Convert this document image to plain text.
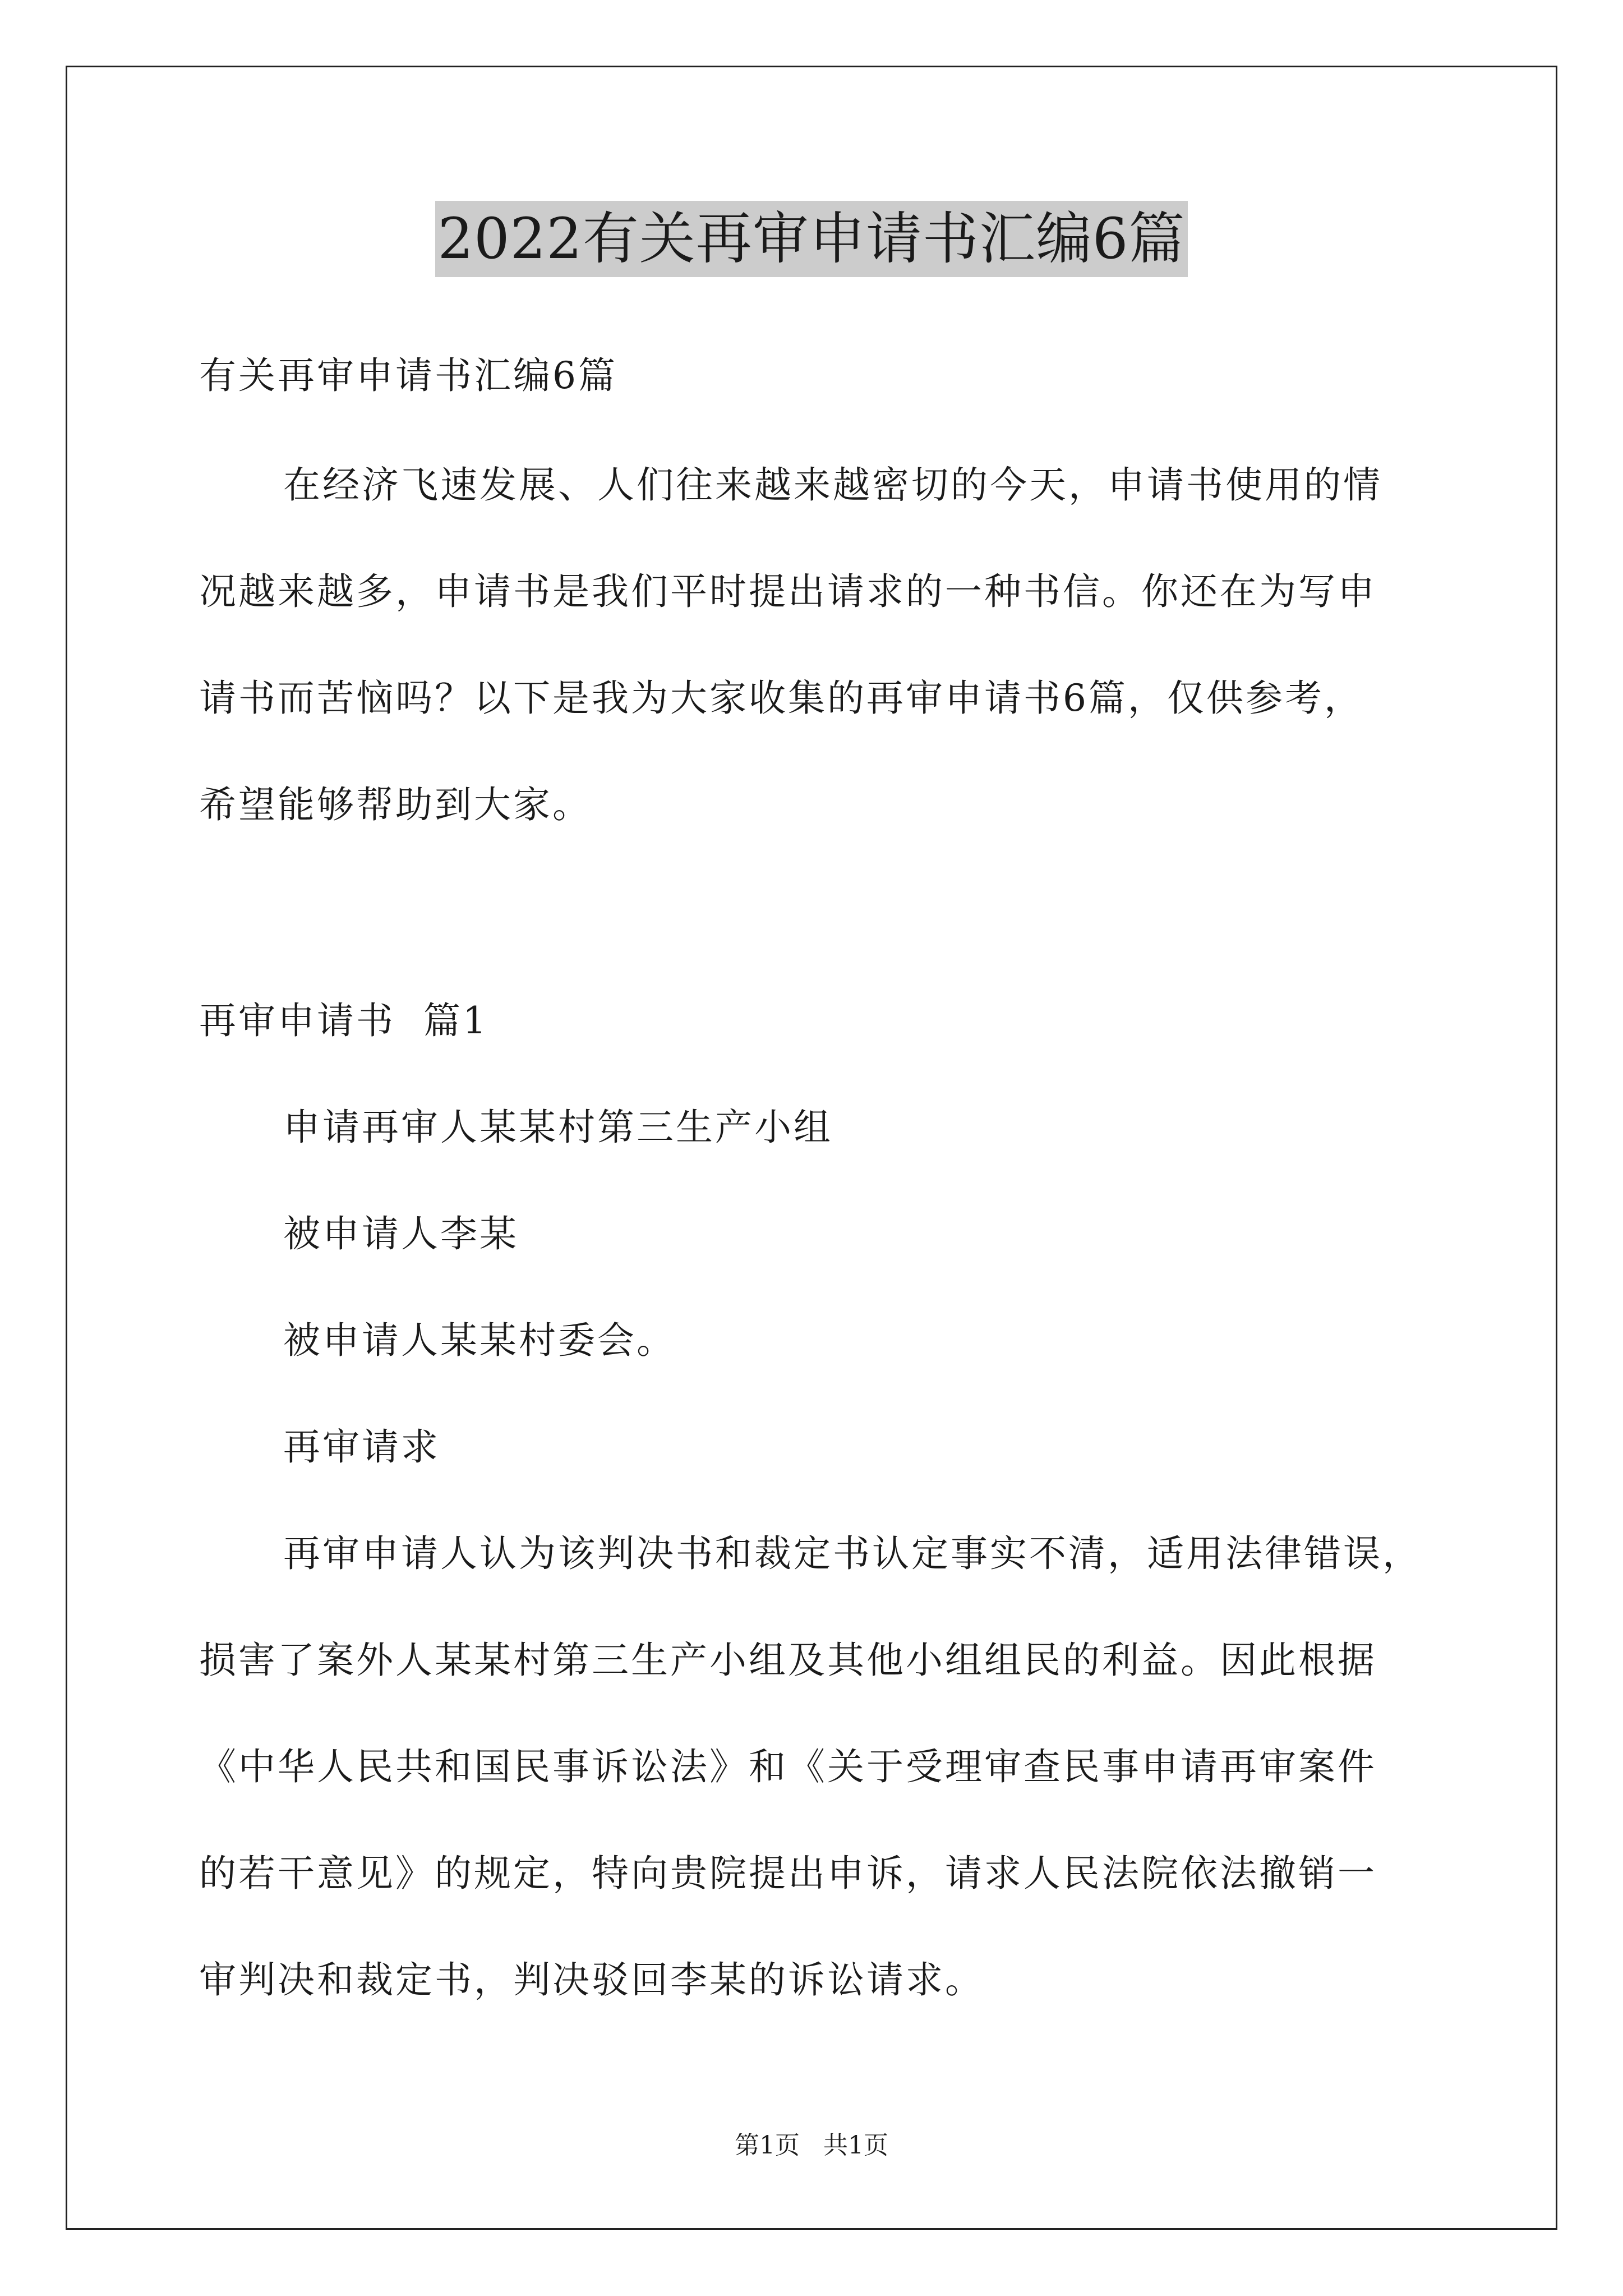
2022有关再审申请书汇编6篇
有关再审申请书汇编6篇
在经济飞速发展、人们往来越来越密切的今天，申请书使用的情
况越来越多，申请书是我们平时提出请求的一种书信。你还在为写申
请书而苦恼吗？以下是我为大家收集的再审申请书6篇，仅供参考，
希望能够帮助到大家。
再审申请书  篇1
申请再审人某某村第三生产小组
被申请人李某
被申请人某某村委会。
再审请求
再审申请人认为该判决书和裁定书认定事实不清，适用法律错误，
损害了案外人某某村第三生产小组及其他小组组民的利益。因此根据
《中华人民共和国民事诉讼法》和《关于受理审查民事申请再审案件
的若干意见》的规定，特向贵院提出申诉，请求人民法院依法撤销一
审判决和裁定书，判决驳回李某的诉讼请求。
第1页   共1页
